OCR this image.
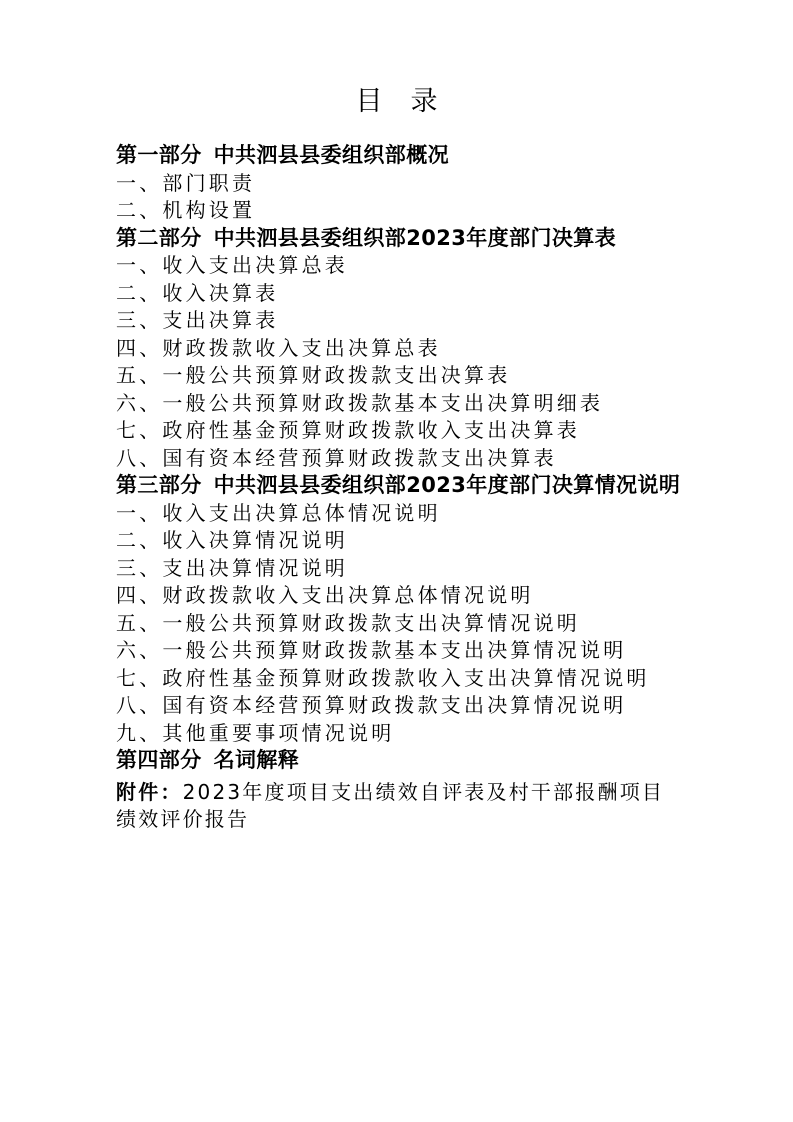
目录
第一部分 中共泗县县委组织部概况
一、部门职责
二、机构设置
第二部分 中共泗县县委组织部2023年度部门决算表
一、收入支出决算总表
二、收入决算表
三、支出决算表
四、财政拨款收入支出决算总表
五、一般公共预算财政拨款支出决算表
六、一般公共预算财政拨款基本支出决算明细表
七、政府性基金预算财政拨款收入支出决算表
八、国有资本经营预算财政拨款支出决算表
第三部分 中共泗县县委组织部2023年度部门决算情况说明
一、收入支出决算总体情况说明
二、收入决算情况说明
三、支出决算情况说明
四、财政拨款收入支出决算总体情况说明
五、一般公共预算财政拨款支出决算情况说明
六、一般公共预算财政拨款基本支出决算情况说明
七、政府性基金预算财政拨款收入支出决算情况说明
八、国有资本经营预算财政拨款支出决算情况说明
九、其他重要事项情况说明
第四部分 名词解释
附件：2023年度项目支出绩效自评表及村干部报酬项目绩效评价报告
